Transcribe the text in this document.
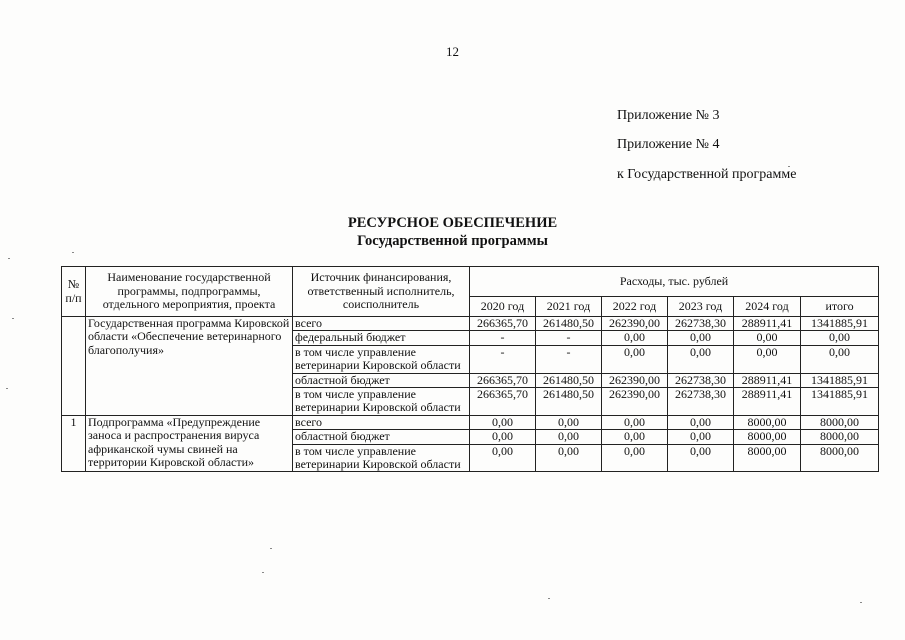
12
Приложение № 3
Приложение № 4
к Государственной программе
РЕСУРСНОЕ ОБЕСПЕЧЕНИЕ
Государственной программы
№ п/п	Наименование государственной программы, подпрограммы, отдельного мероприятия, проекта	Источник финансирования, ответственный исполнитель, соисполнитель	Расходы, тыс. рублей					
			2020 год	2021 год	2022 год	2023 год	2024 год	итого
	Государственная программа Кировской области «Обеспечение ветеринарного благополучия»	всего	266365,70	261480,50	262390,00	262738,30	288911,41	1341885,91
		федеральный бюджет	-	-	0,00	0,00	0,00	0,00
		в том числе управление ветеринарии Кировской области	-	-	0,00	0,00	0,00	0,00
		областной бюджет	266365,70	261480,50	262390,00	262738,30	288911,41	1341885,91
		в том числе управление ветеринарии Кировской области	266365,70	261480,50	262390,00	262738,30	288911,41	1341885,91
1	Подпрограмма «Предупреждение заноса и распространения вируса африканской чумы свиней на территории Кировской области»	всего	0,00	0,00	0,00	0,00	8000,00	8000,00
		областной бюджет	0,00	0,00	0,00	0,00	8000,00	8000,00
		в том числе управление ветеринарии Кировской области	0,00	0,00	0,00	0,00	8000,00	8000,00
